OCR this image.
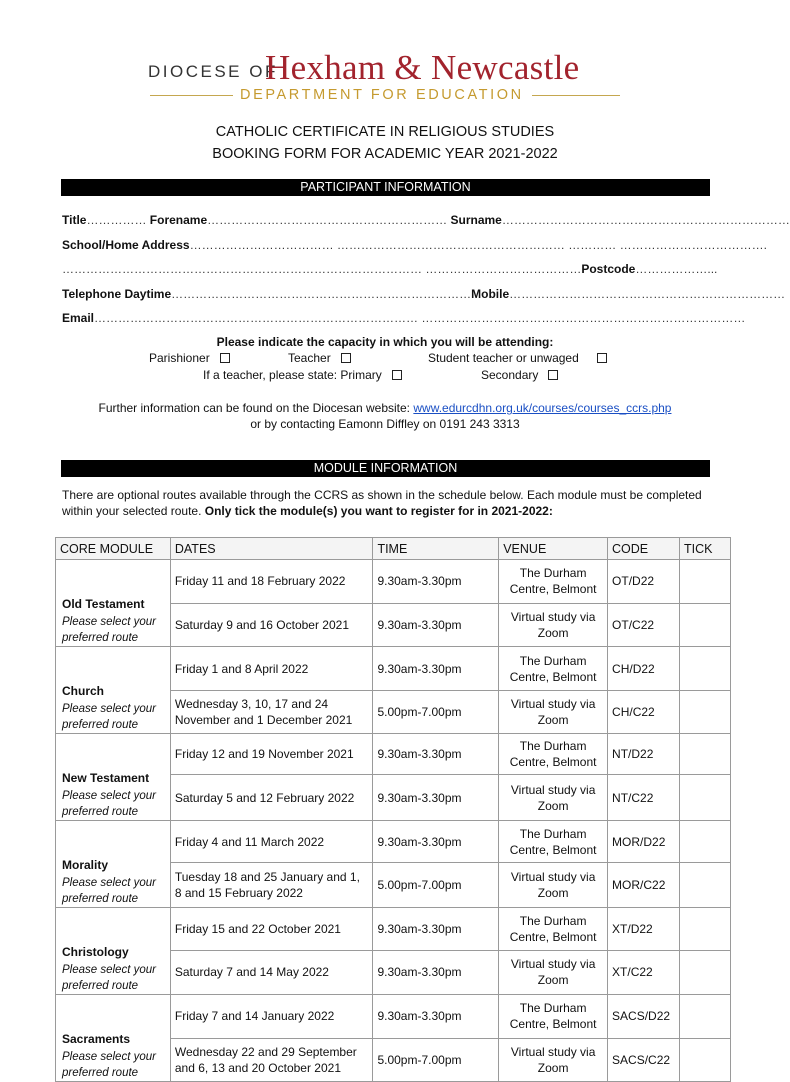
DIOCESE OF
Hexham & Newcastle
DEPARTMENT FOR EDUCATION
CATHOLIC CERTIFICATE IN RELIGIOUS STUDIES
BOOKING FORM FOR ACADEMIC YEAR 2021-2022
PARTICIPANT INFORMATION
Title…………… Forename…………………………………………………… Surname………………………………………………………………
School/Home Address……………………………… ………………………………………………… ………… ……………………………….
……………………………………………………………………………… …………………………………Postcode………………...
Telephone Daytime…………………………………………………………………Mobile……………………………………………………………
Email……………………………………………………………………… ………………………………………………………………………
Please indicate the capacity in which you will be attending:
Parishioner	Teacher	Student teacher or unwaged
If a teacher, please state: Primary	Secondary
Further information can be found on the Diocesan website: www.edurcdhn.org.uk/courses/courses_ccrs.php
or by contacting Eamonn Diffley on 0191 243 3313
MODULE INFORMATION
There are optional routes available through the CCRS as shown in the schedule below. Each module must be completed within your selected route. Only tick the module(s) you want to register for in 2021-2022:
CORE MODULE	DATES	TIME	VENUE	CODE	TICK

Old Testament
Please select your preferred route	Friday 11 and 18 February 2022	9.30am-3.30pm	The Durham Centre, Belmont	OT/D22	
	Saturday 9 and 16 October 2021	9.30am-3.30pm	Virtual study via Zoom	OT/C22	

Church
Please select your preferred route	Friday 1 and 8 April 2022	9.30am-3.30pm	The Durham Centre, Belmont	CH/D22	
	Wednesday 3, 10, 17 and 24 November and 1 December 2021	5.00pm-7.00pm	Virtual study via Zoom	CH/C22	

New Testament
Please select your preferred route	Friday 12 and 19 November 2021	9.30am-3.30pm	The Durham Centre, Belmont	NT/D22	
	Saturday 5 and 12 February 2022	9.30am-3.30pm	Virtual study via Zoom	NT/C22	

Morality
Please select your preferred route	Friday 4 and 11 March 2022	9.30am-3.30pm	The Durham Centre, Belmont	MOR/D22	
	Tuesday 18 and 25 January and 1, 8 and 15 February 2022	5.00pm-7.00pm	Virtual study via Zoom	MOR/C22	

Christology
Please select your preferred route	Friday 15 and 22 October 2021	9.30am-3.30pm	The Durham Centre, Belmont	XT/D22	
	Saturday 7 and 14 May 2022	9.30am-3.30pm	Virtual study via Zoom	XT/C22	

Sacraments
Please select your preferred route	Friday 7 and 14 January 2022	9.30am-3.30pm	The Durham Centre, Belmont	SACS/D22	
	Wednesday 22 and 29 September and 6, 13 and 20 October 2021	5.00pm-7.00pm	Virtual study via Zoom	SACS/C22	
